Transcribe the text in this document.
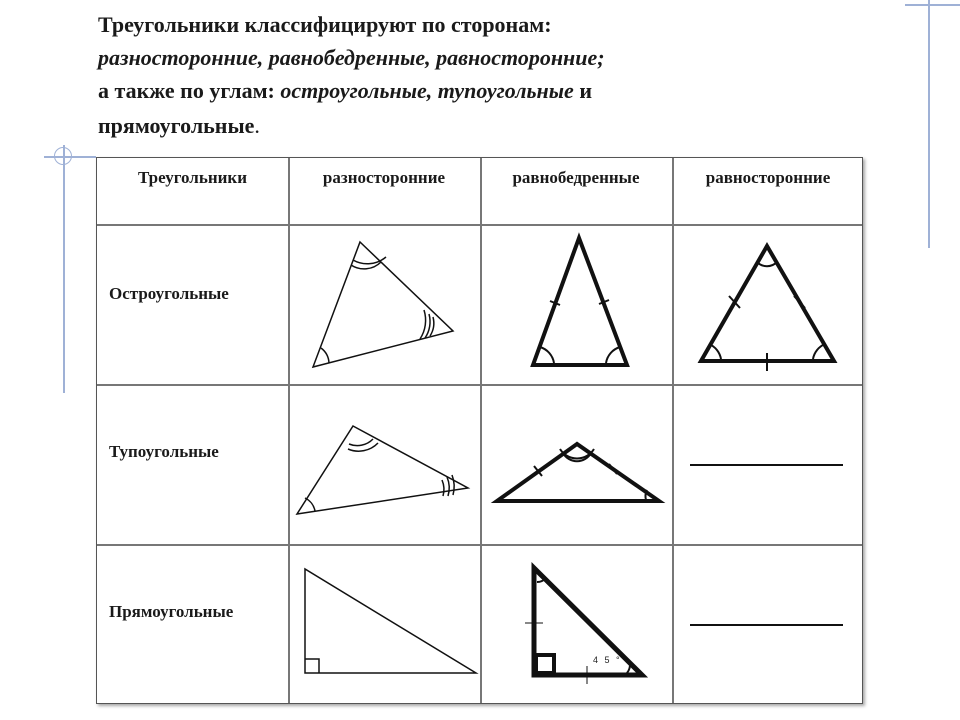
Треугольники классифицируют по сторонам:
разносторонние, равнобедренные, равносторонние;
а также по углам: остроугольные, тупоугольные и
прямоугольные.
Треугольники	разносторонние	равнобедренные	равносторонние
Остроугольные
Тупоугольные
Прямоугольные
4 5 °
